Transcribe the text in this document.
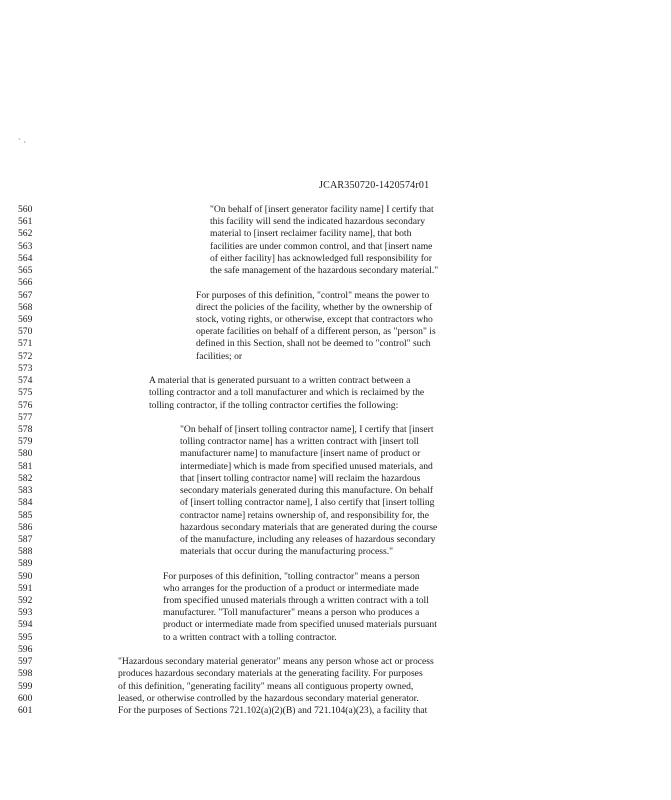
JCAR350720-1420574r01
` ·
560	"On behalf of [insert generator facility name] I certify that
561	this facility will send the indicated hazardous secondary
562	material to [insert reclaimer facility name], that both
563	facilities are under common control, and that [insert name
564	of either facility] has acknowledged full responsibility for
565	the safe management of the hazardous secondary material."
566
567	For purposes of this definition, "control" means the power to
568	direct the policies of the facility, whether by the ownership of
569	stock, voting rights, or otherwise, except that contractors who
570	operate facilities on behalf of a different person, as "person" is
571	defined in this Section, shall not be deemed to "control" such
572	facilities; or
573
574	A material that is generated pursuant to a written contract between a
575	tolling contractor and a toll manufacturer and which is reclaimed by the
576	tolling contractor, if the tolling contractor certifies the following:
577
578	"On behalf of [insert tolling contractor name], I certify that [insert
579	tolling contractor name] has a written contract with [insert toll
580	manufacturer name] to manufacture [insert name of product or
581	intermediate] which is made from specified unused materials, and
582	that [insert tolling contractor name] will reclaim the hazardous
583	secondary materials generated during this manufacture. On behalf
584	of [insert tolling contractor name], I also certify that [insert tolling
585	contractor name] retains ownership of, and responsibility for, the
586	hazardous secondary materials that are generated during the course
587	of the manufacture, including any releases of hazardous secondary
588	materials that occur during the manufacturing process."
589
590	For purposes of this definition, "tolling contractor" means a person
591	who arranges for the production of a product or intermediate made
592	from specified unused materials through a written contract with a toll
593	manufacturer. "Toll manufacturer" means a person who produces a
594	product or intermediate made from specified unused materials pursuant
595	to a written contract with a tolling contractor.
596
597	"Hazardous secondary material generator" means any person whose act or process
598	produces hazardous secondary materials at the generating facility. For purposes
599	of this definition, "generating facility" means all contiguous property owned,
600	leased, or otherwise controlled by the hazardous secondary material generator.
601	For the purposes of Sections 721.102(a)(2)(B) and 721.104(a)(23), a facility that
